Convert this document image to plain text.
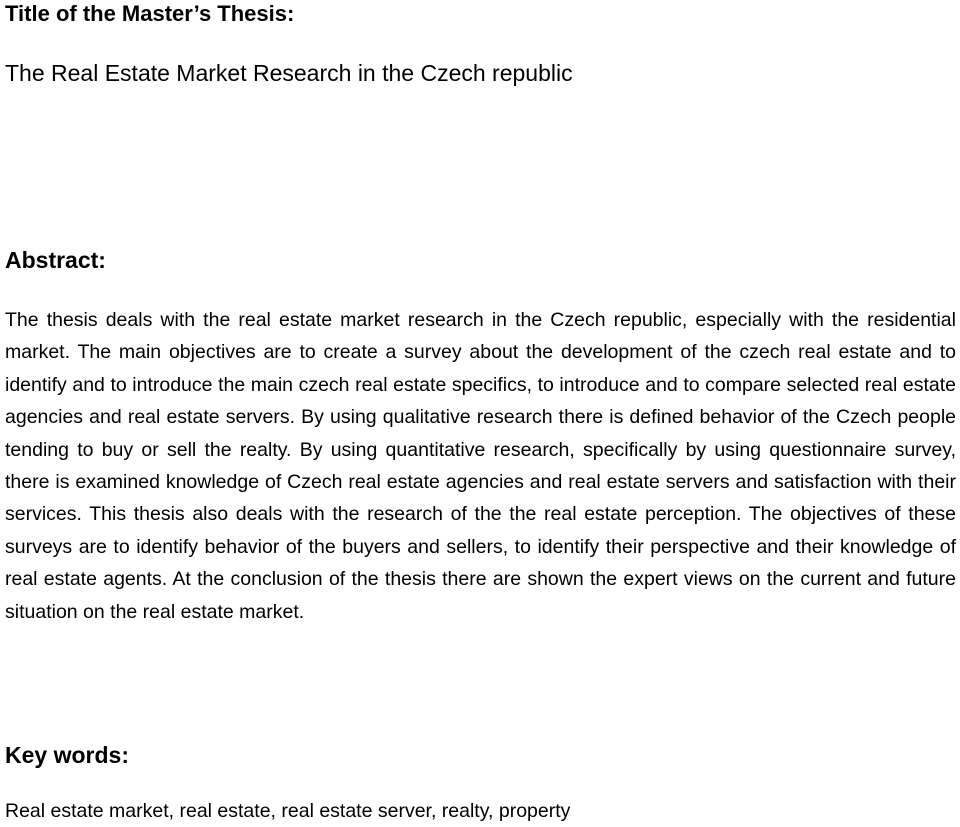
Title of the Master’s Thesis:
The Real Estate Market Research in the Czech republic
Abstract:
The thesis deals with the real estate market research in the Czech republic, especially with the residential market. The main objectives are to create a survey about the development of the czech real estate and to identify and to introduce the main czech real estate specifics, to introduce and to compare selected real estate agencies and real estate servers. By using qualitative research there is defined behavior of the Czech people tending to buy or sell the realty. By using quantitative research, specifically by using questionnaire survey, there is examined knowledge of Czech real estate agencies and real estate servers and satisfaction with their services. This thesis also deals with the research of the the real estate perception. The objectives of these surveys are to identify behavior of the buyers and sellers, to identify their perspective and their knowledge of real estate agents. At the conclusion of the thesis there are shown the expert views on the current and future situation on the real estate market.
Key words:
Real estate market, real estate, real estate server, realty, property
